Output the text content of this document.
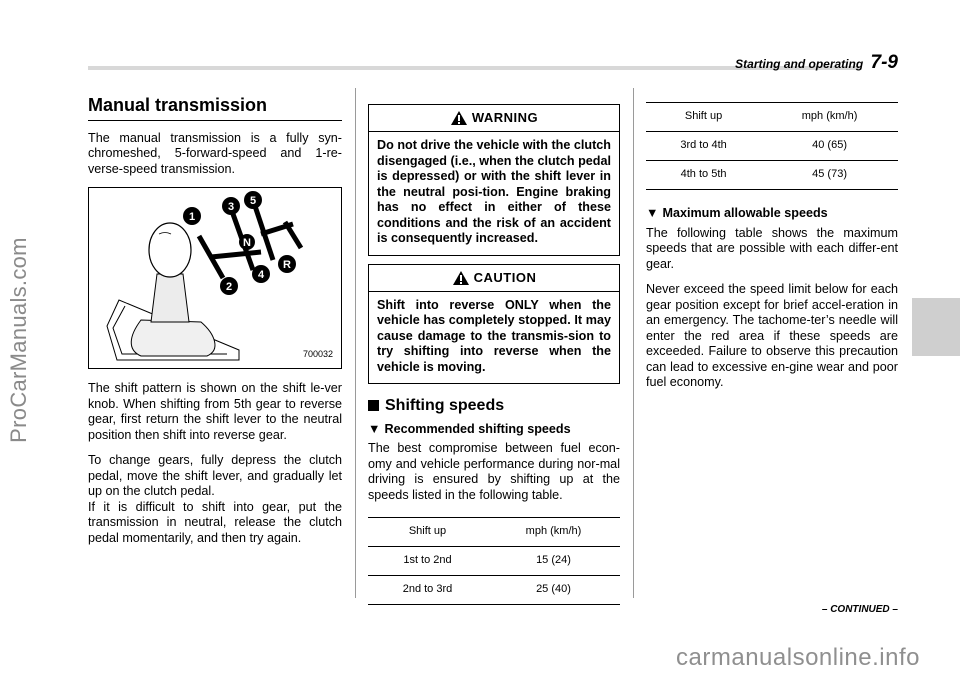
ProCarManuals.com
Starting and operating 7-9
Manual transmission

The manual transmission is a fully syn-chromeshed, 5-forward-speed and 1-re-verse-speed transmission.

1
3 5
N
2
4
R
700032

The shift pattern is shown on the shift le-ver knob. When shifting from 5th gear to reverse gear, first return the shift lever to the neutral position then shift into reverse gear.

To change gears, fully depress the clutch pedal, move the shift lever, and gradually let up on the clutch pedal.

If it is difficult to shift into gear, put the transmission in neutral, release the clutch pedal momentarily, and then try again.

WARNING
Do not drive the vehicle with the clutch disengaged (i.e., when the clutch pedal is depressed) or with the shift lever in the neutral posi-tion. Engine braking has no effect in either of these conditions and the risk of an accident is consequently increased.
CAUTION
Shift into reverse ONLY when the vehicle has completely stopped. It may cause damage to the transmis-sion to try shifting into reverse when the vehicle is moving.
Shifting speeds
▼ Recommended shifting speeds

The best compromise between fuel econ-omy and vehicle performance during nor-mal driving is ensured by shifting up at the speeds listed in the following table.

Shift up	mph (km/h)
1st to 2nd	15 (24)
2nd to 3rd	25 (40)
Shift up	mph (km/h)
3rd to 4th	40 (65)
4th to 5th	45 (73)
▼ Maximum allowable speeds

The following table shows the maximum speeds that are possible with each differ-ent gear.

Never exceed the speed limit below for each gear position except for brief accel-eration in an emergency. The tachome-ter’s needle will enter the red area if these speeds are exceeded. Failure to observe this precaution can lead to excessive en-gine wear and poor fuel economy.

– CONTINUED –
carmanualsonline.info
